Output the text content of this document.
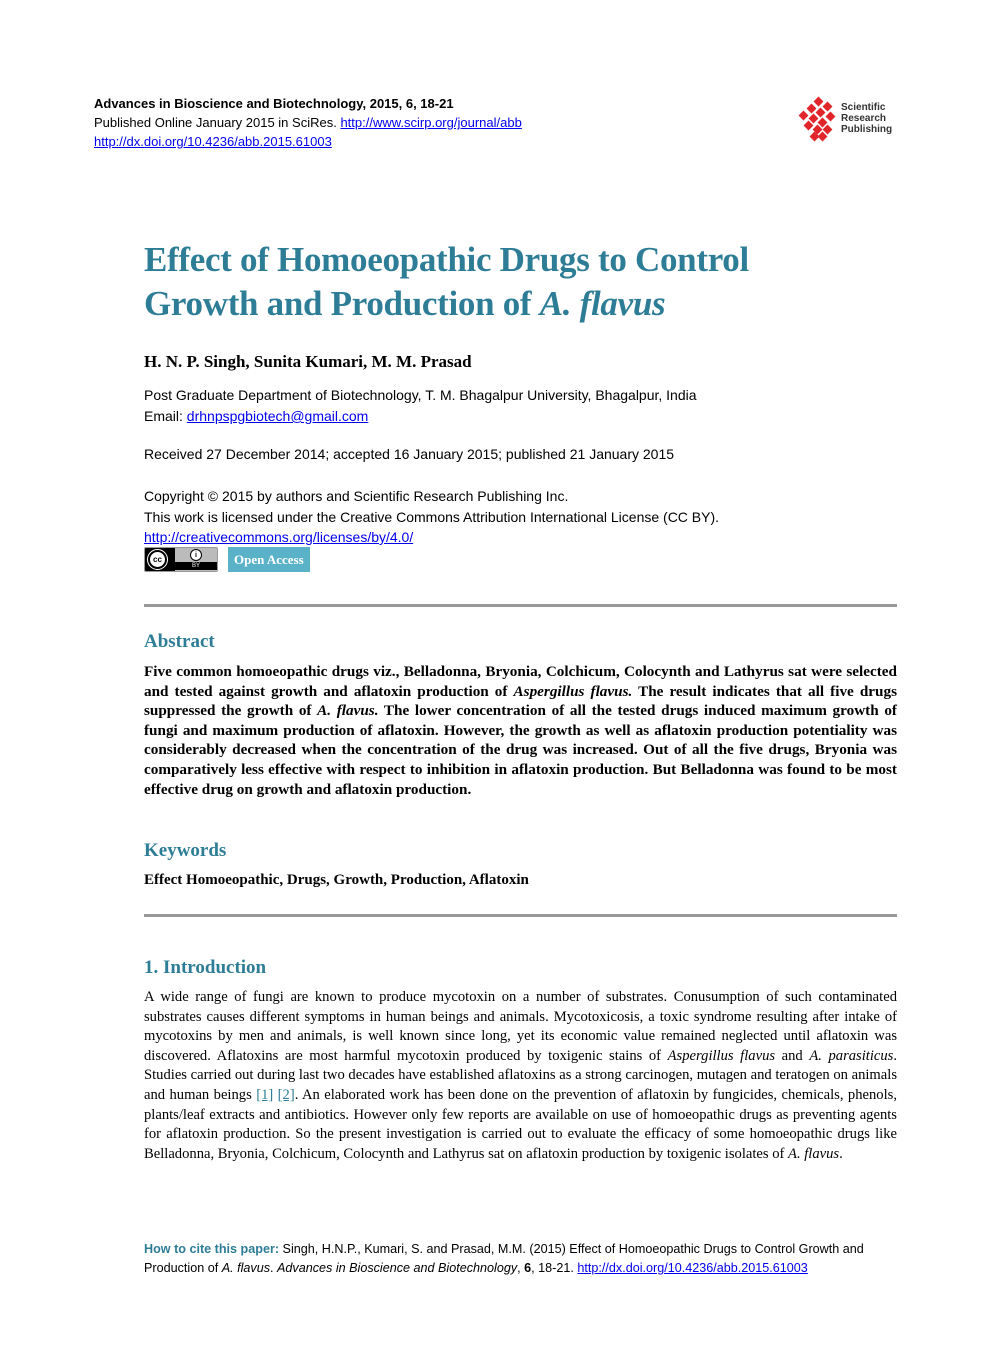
Advances in Bioscience and Biotechnology, 2015, 6, 18-21
Published Online January 2015 in SciRes. http://www.scirp.org/journal/abb
http://dx.doi.org/10.4236/abb.2015.61003
Scientific
Research
Publishing
Effect of Homoeopathic Drugs to Control Growth and Production of A. flavus
H. N. P. Singh, Sunita Kumari, M. M. Prasad
Post Graduate Department of Biotechnology, T. M. Bhagalpur University, Bhagalpur, India
Email: drhnpspgbiotech@gmail.com
Received 27 December 2014; accepted 16 January 2015; published 21 January 2015
Copyright © 2015 by authors and Scientific Research Publishing Inc.
This work is licensed under the Creative Commons Attribution International License (CC BY).
http://creativecommons.org/licenses/by/4.0/
cc	i
BY	Open Access
Abstract

Five common homoeopathic drugs viz., Belladonna, Bryonia, Colchicum, Colocynth and Lathyrus sat were selected and tested against growth and aflatoxin production of Aspergillus flavus. The result indicates that all five drugs suppressed the growth of A. flavus. The lower concentration of all the tested drugs induced maximum growth of fungi and maximum production of aflatoxin. However, the growth as well as aflatoxin production potentiality was considerably decreased when the concentration of the drug was increased. Out of all the five drugs, Bryonia was comparatively less effective with respect to inhibition in aflatoxin production. But Belladonna was found to be most effective drug on growth and aflatoxin production.

Keywords
Effect Homoeopathic, Drugs, Growth, Production, Aflatoxin
1. Introduction

A wide range of fungi are known to produce mycotoxin on a number of substrates. Conusumption of such contaminated substrates causes different symptoms in human beings and animals. Mycotoxicosis, a toxic syndrome resulting after intake of mycotoxins by men and animals, is well known since long, yet its economic value remained neglected until aflatoxin was discovered. Aflatoxins are most harmful mycotoxin produced by toxigenic stains of Aspergillus flavus and A. parasiticus. Studies carried out during last two decades have established aflatoxins as a strong carcinogen, mutagen and teratogen on animals and human beings [1] [2]. An elaborated work has been done on the prevention of aflatoxin by fungicides, chemicals, phenols, plants/leaf extracts and antibiotics. However only few reports are available on use of homoeopathic drugs as preventing agents for aflatoxin production. So the present investigation is carried out to evaluate the efficacy of some homoeopathic drugs like Belladonna, Bryonia, Colchicum, Colocynth and Lathyrus sat on aflatoxin production by toxigenic isolates of A. flavus.

How to cite this paper: Singh, H.N.P., Kumari, S. and Prasad, M.M. (2015) Effect of Homoeopathic Drugs to Control Growth and Production of A. flavus. Advances in Bioscience and Biotechnology, 6, 18-21. http://dx.doi.org/10.4236/abb.2015.61003
